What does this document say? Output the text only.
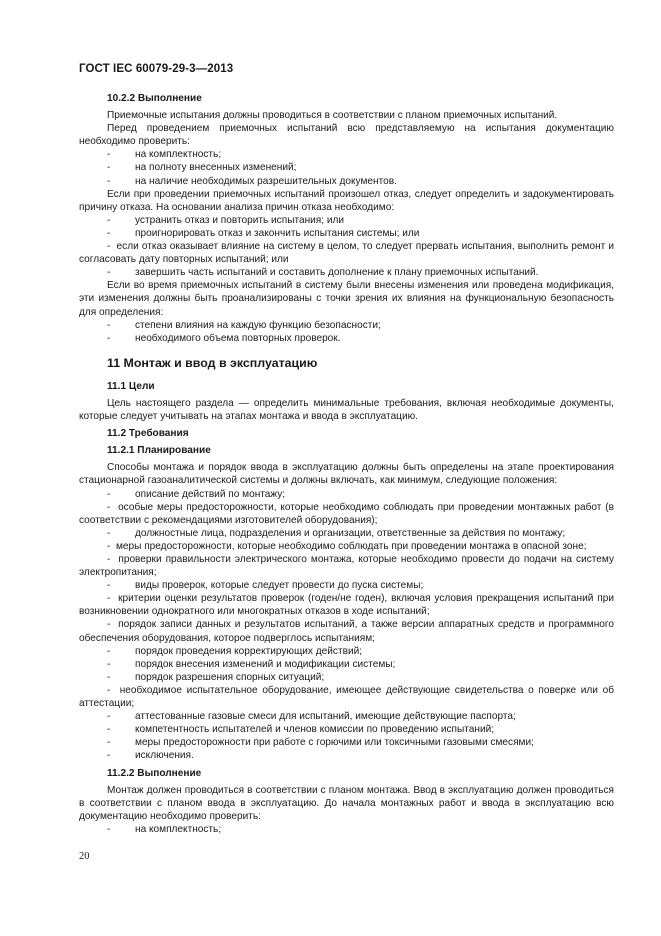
ГОСТ IEC 60079-29-3—2013

10.2.2 Выполнение

Приемочные испытания должны проводиться в соответствии с планом приемочных испытаний.

Перед проведением приемочных испытаний всю представляемую на испытания документацию необходимо проверить:

-
на комплектность;
-
на полноту внесенных изменений;
-
на наличие необходимых разрешительных документов.

Если при проведении приемочных испытаний произошел отказ, следует определить и задокументировать причину отказа. На основании анализа причин отказа необходимо:

-
устранить отказ и повторить испытания; или
-
проигнорировать отказ и закончить испытания системы; или

-  если отказ оказывает влияние на систему в целом, то следует прервать испытания, выполнить ремонт и согласовать дату повторных испытаний; или

-
завершить часть испытаний и составить дополнение к плану приемочных испытаний.

Если во время приемочных испытаний в систему были внесены изменения или проведена модификация, эти изменения должны быть проанализированы с точки зрения их влияния на функциональную безопасность для определения:

-
степени влияния на каждую функцию безопасности;
-
необходимого объема повторных проверок.

11 Монтаж и ввод в эксплуатацию

11.1 Цели

Цель настоящего раздела — определить минимальные требования, включая необходимые документы, которые следует учитывать на этапах монтажа и ввода в эксплуатацию.

11.2 Требования

11.2.1 Планирование

Способы монтажа и порядок ввода в эксплуатацию должны быть определены на этапе проектирования стационарной газоаналитической системы и должны включать, как минимум, следующие положения:

-
описание действий по монтажу;

-  особые меры предосторожности, которые необходимо соблюдать при проведении монтажных работ (в соответствии с рекомендациями изготовителей оборудования);

-
должностные лица, подразделения и организации, ответственные за действия по монтажу;

-  меры предосторожности, которые необходимо соблюдать при проведении монтажа в опасной зоне;

-  проверки правильности электрического монтажа, которые необходимо провести до подачи на систему электропитания;

-
виды проверок, которые следует провести до пуска системы;

-  критерии оценки результатов проверок (годен/не годен), включая условия прекращения испытаний при возникновении однократного или многократных отказов в ходе испытаний;

-  порядок записи данных и результатов испытаний, а также версии аппаратных средств и программного обеспечения оборудования, которое подверглось испытаниям;

-
порядок проведения корректирующих действий;
-
порядок внесения изменений и модификации системы;
-
порядок разрешения спорных ситуаций;

-  необходимое испытательное оборудование, имеющее действующие свидетельства о поверке или об аттестации;

-
аттестованные газовые смеси для испытаний, имеющие действующие паспорта;
-
компетентность испытателей и членов комиссии по проведению испытаний;
-
меры предосторожности при работе с горючими или токсичными газовыми смесями;
-
исключения.

11.2.2 Выполнение

Монтаж должен проводиться в соответствии с планом монтажа. Ввод в эксплуатацию должен проводиться в соответствии с планом ввода в эксплуатацию. До начала монтажных работ и ввода в эксплуатацию всю документацию необходимо проверить:

-
на комплектность;
20
